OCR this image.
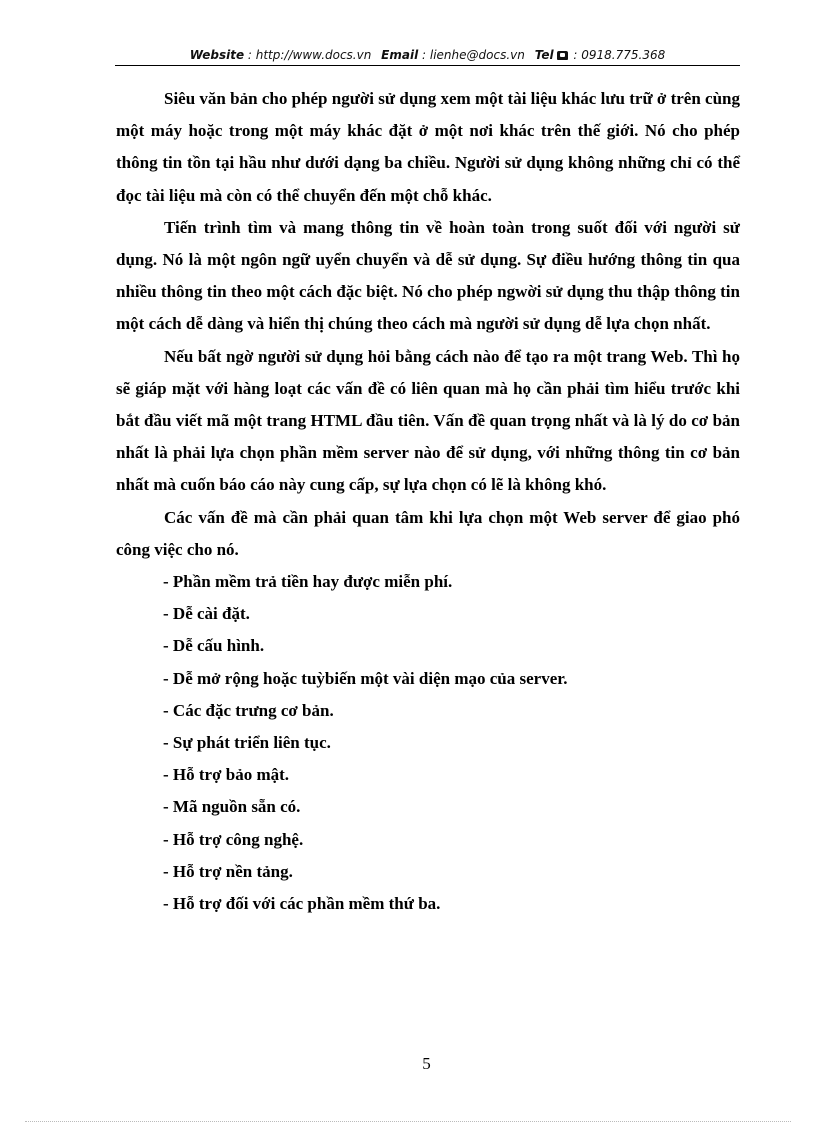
Website : http://www.docs.vn Email : lienhe@docs.vn Tel : 0918.775.368

Siêu văn bản cho phép người sử dụng xem một tài liệu khác lưu trữ ở trên cùng một máy hoặc trong một máy khác đặt ở một nơi khác trên thế giới. Nó cho phép thông tin tồn tại hầu như dưới dạng ba chiều. Người sử dụng không những chỉ có thể đọc tài liệu mà còn có thể chuyển đến một chỗ khác.

Tiến trình tìm và mang thông tin về hoàn toàn trong suốt đối với người sử dụng. Nó là một ngôn ngữ uyển chuyển và dễ sử dụng. Sự điều hướng thông tin qua nhiều thông tin theo một cách đặc biệt. Nó cho phép ngwời sử dụng thu thập thông tin một cách dễ dàng và hiển thị chúng theo cách mà người sử dụng dễ lựa chọn nhất.

Nếu bất ngờ người sử dụng hỏi bằng cách nào để tạo ra một trang Web. Thì họ sẽ giáp mặt với hàng loạt các vấn đề có liên quan mà họ cần phải tìm hiểu trước khi bắt đầu viết mã một trang HTML đầu tiên. Vấn đề quan trọng nhất và là lý do cơ bản nhất là phải lựa chọn phần mềm server nào để sử dụng, với những thông tin cơ bản nhất mà cuốn báo cáo này cung cấp, sự lựa chọn có lẽ là không khó.

Các vấn đề mà cần phải quan tâm khi lựa chọn một Web server để giao phó công việc cho nó.

- Phần mềm trả tiền hay được miễn phí.
- Dễ cài đặt.
- Dễ cấu hình.
- Dễ mở rộng hoặc tuỳbiến một vài diện mạo của server.
- Các đặc trưng cơ bản.
- Sự phát triển liên tục.
- Hỗ trợ bảo mật.
- Mã nguồn sẵn có.
- Hỗ trợ công nghệ.
- Hỗ trợ nền tảng.
- Hỗ trợ đối với các phần mềm thứ ba.
5
